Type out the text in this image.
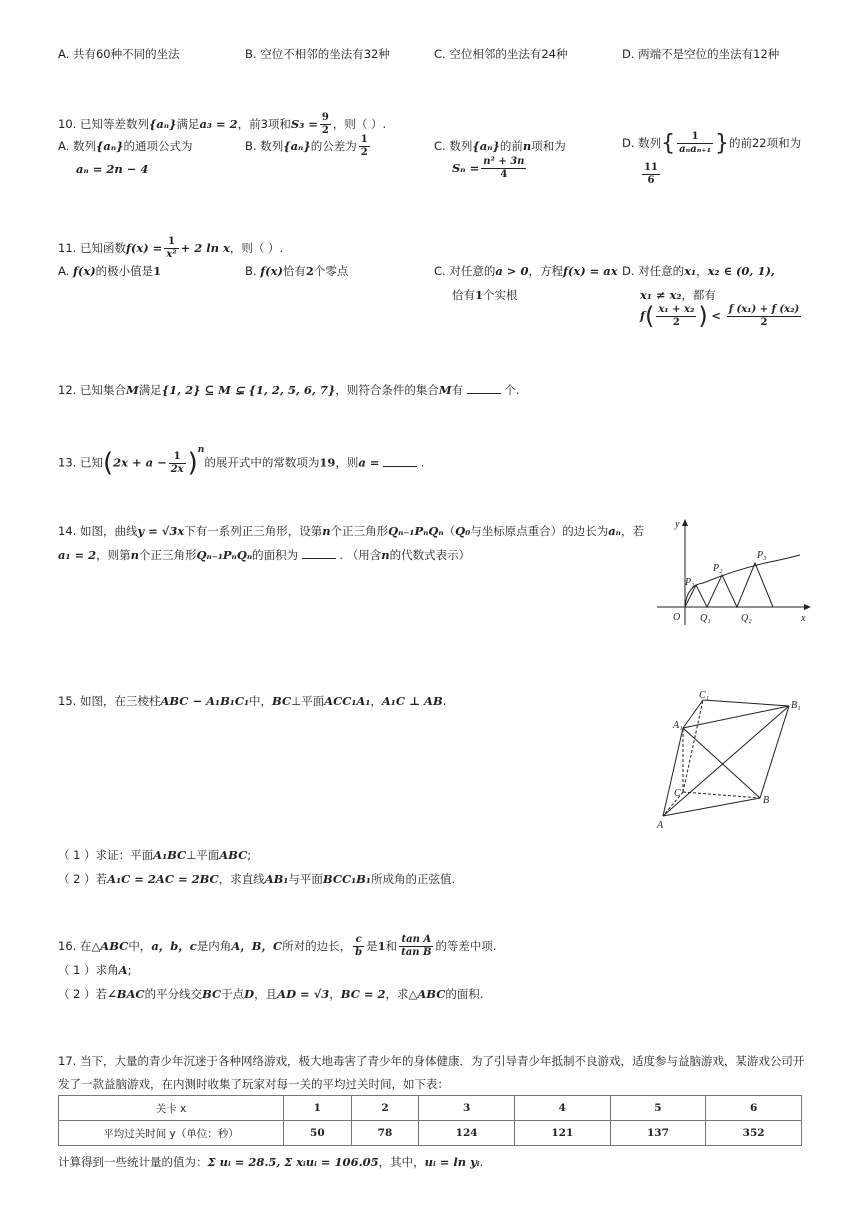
A. 共有60种不同的坐法	B. 空位不相邻的坐法有32种	C. 空位相邻的坐法有24种	D. 两端不是空位的坐法有12种
10. 已知等差数列{aₙ}满足a₃ = 2，前3项和$S_3 = \frac{9}{2}$ ，则（ ）.
A. 数列{aₙ}的通项公式为
aₙ = 2n − 4
B. 数列{aₙ}的公差为 $\frac{1}{2}$	C. 数列{aₙ}的前n项和为
$S_n = \frac{\text{n² + 3n}}{4}$
D. 数列{ $\frac{1}{\text{aₙaₙ₊₁}}$ }的前22项和为
$\frac{11}{6}$
11. 已知函数$f(x) = \frac{1}{\text{x²}} + 2$ ln x，则（ ）.
A. f(x)的极小值是1	B. f(x)恰有2个零点	C. 对任意的a > 0，方程f(x) = ax
恰有1个实根
D. 对任意的x₁，x₂ ∈ (0, 1),
x₁ ≠ x₂，都有
$f( \frac{\text{x₁ + x₂}}{2}$ ) < $\frac{\text{f (x₁) + f (x₂)}}{2}$
12. 已知集合M满足{1, 2} ⊆ M ⊊ {1, 2, 5, 6, 7}，则符合条件的集合M有	个.
13. 已知$(2x + a - \frac{1}{2x} )^n$的展开式中的常数项为19，则a =	.
14. 如图，曲线y = √3x下有一系列正三角形，设第n个正三角形Qₙ₋₁PₙQₙ（Q₀与坐标原点重合）的边长为aₙ，若
a₁ = 2，则第n个正三角形Qₙ₋₁PₙQₙ的面积为	. （用含n的代数式表示）
y
x
O
P₁
P₂
P₃
Q₁	Q₂
15. 如图，在三棱柱ABC − A₁B₁C₁中，BC⊥平面ACC₁A₁，A₁C ⊥ AB.
A
B
C
A₁
B₁
C₁
（ 1 ）求证：平面A₁BC⊥平面ABC;
（ 2 ）若A₁C = 2AC = 2BC，求直线AB₁与平面BCC₁B₁所成角的正弦值.
16. 在△ABC中，a，b，c是内角A，B，C所对的边长， $\frac{c}{b}$ 是1和 $\frac{\text{tan A}}{\text{tan B}}$ 的等差中项.
（ 1 ）求角A;
（ 2 ）若∠BAC的平分线交BC于点D，且AD = √3，BC = 2，求△ABC的面积.
17. 当下，大量的青少年沉迷于各种网络游戏，极大地毒害了青少年的身体健康．为了引导青少年抵制不良游戏，适度参与益脑游戏，某游戏公司开
发了一款益脑游戏，在内测时收集了玩家对每一关的平均过关时间，如下表：
关卡 x	1	2	3	4	5	6
平均过关时间 y（单位：秒）	50	78	124	121	137	352
计算得到一些统计量的值为：Σ uᵢ = 28.5, Σ xᵢuᵢ = 106.05，其中，uᵢ = ln yᵢ.
